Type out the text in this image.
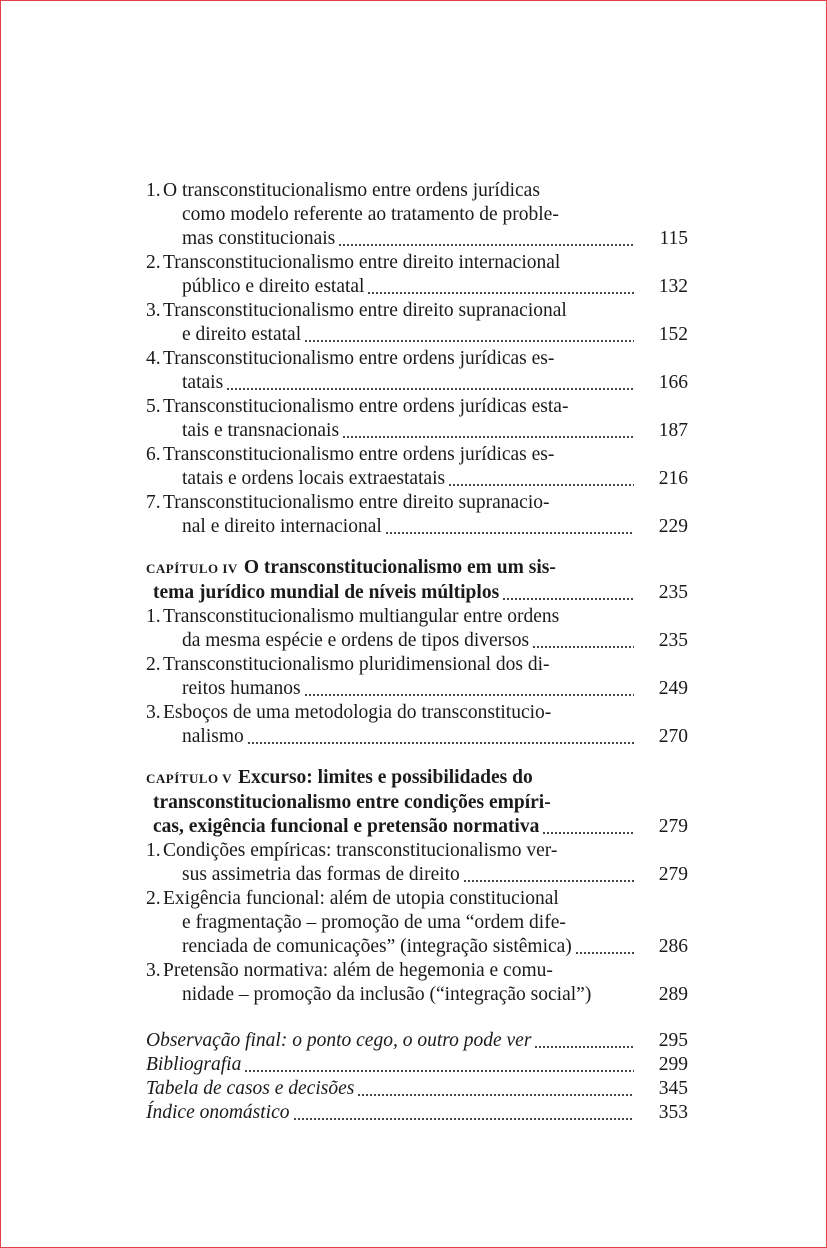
1. O transconstitucionalismo entre ordens jurídicas
como modelo referente ao tratamento de proble-
mas constitucionais	115
2. Transconstitucionalismo entre direito internacional
público e direito estatal	132
3. Transconstitucionalismo entre direito supranacional
e direito estatal	152
4. Transconstitucionalismo entre ordens jurídicas es-
tatais	166
5. Transconstitucionalismo entre ordens jurídicas esta-
tais e transnacionais	187
6. Transconstitucionalismo entre ordens jurídicas es-
tatais e ordens locais extraestatais	216
7. Transconstitucionalismo entre direito supranacio-
nal e direito internacional	229
CAPÍTULO IV O transconstitucionalismo em um sis-
tema jurídico mundial de níveis múltiplos	235
1. Transconstitucionalismo multiangular entre ordens
da mesma espécie e ordens de tipos diversos	235
2. Transconstitucionalismo pluridimensional dos di-
reitos humanos	249
3. Esboços de uma metodologia do transconstitucio-
nalismo	270
CAPÍTULO V Excurso: limites e possibilidades do
transconstitucionalismo entre condições empíri-
cas, exigência funcional e pretensão normativa	279
1. Condições empíricas: transconstitucionalismo ver-
sus assimetria das formas de direito	279
2. Exigência funcional: além de utopia constitucional
e fragmentação – promoção de uma “ordem dife-
renciada de comunicações” (integração sistêmica)	286
3. Pretensão normativa: além de hegemonia e comu-
nidade – promoção da inclusão (“integração social”)	289
Observação final: o ponto cego, o outro pode ver	295
Bibliografia	299
Tabela de casos e decisões	345
Índice onomástico	353
